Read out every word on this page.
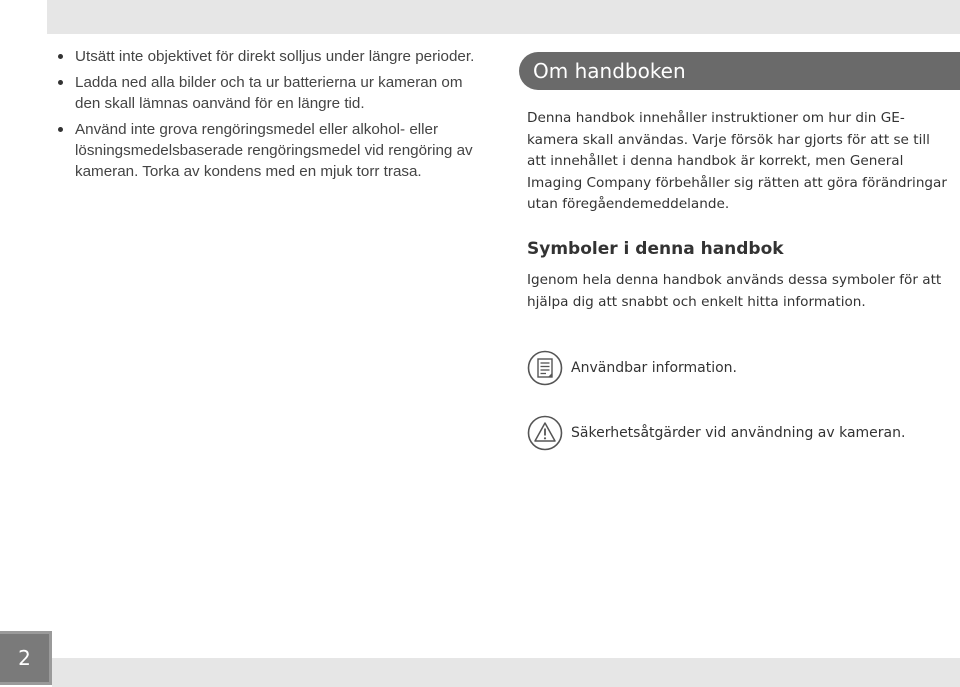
Utsätt inte objektivet för direkt solljus under längre perioder.
Ladda ned alla bilder och ta ur batterierna ur kameran om den skall lämnas oanvänd för en längre tid.
Använd inte grova rengöringsmedel eller alkohol- eller lösningsmedelsbaserade rengöringsmedel vid rengöring av kameran. Torka av kondens med en mjuk torr trasa.
Om handboken

Denna handbok innehåller instruktioner om hur din GE-kamera skall användas. Varje försök har gjorts för att se till att innehållet i denna handbok är korrekt, men General Imaging Company förbehåller sig rätten att göra förändringar utan föregåendemeddelande.

Symboler i denna handbok

Igenom hela denna handbok används dessa symboler för att hjälpa dig att snabbt och enkelt hitta information.

Användbar information.
Säkerhetsåtgärder vid användning av kameran.
2
